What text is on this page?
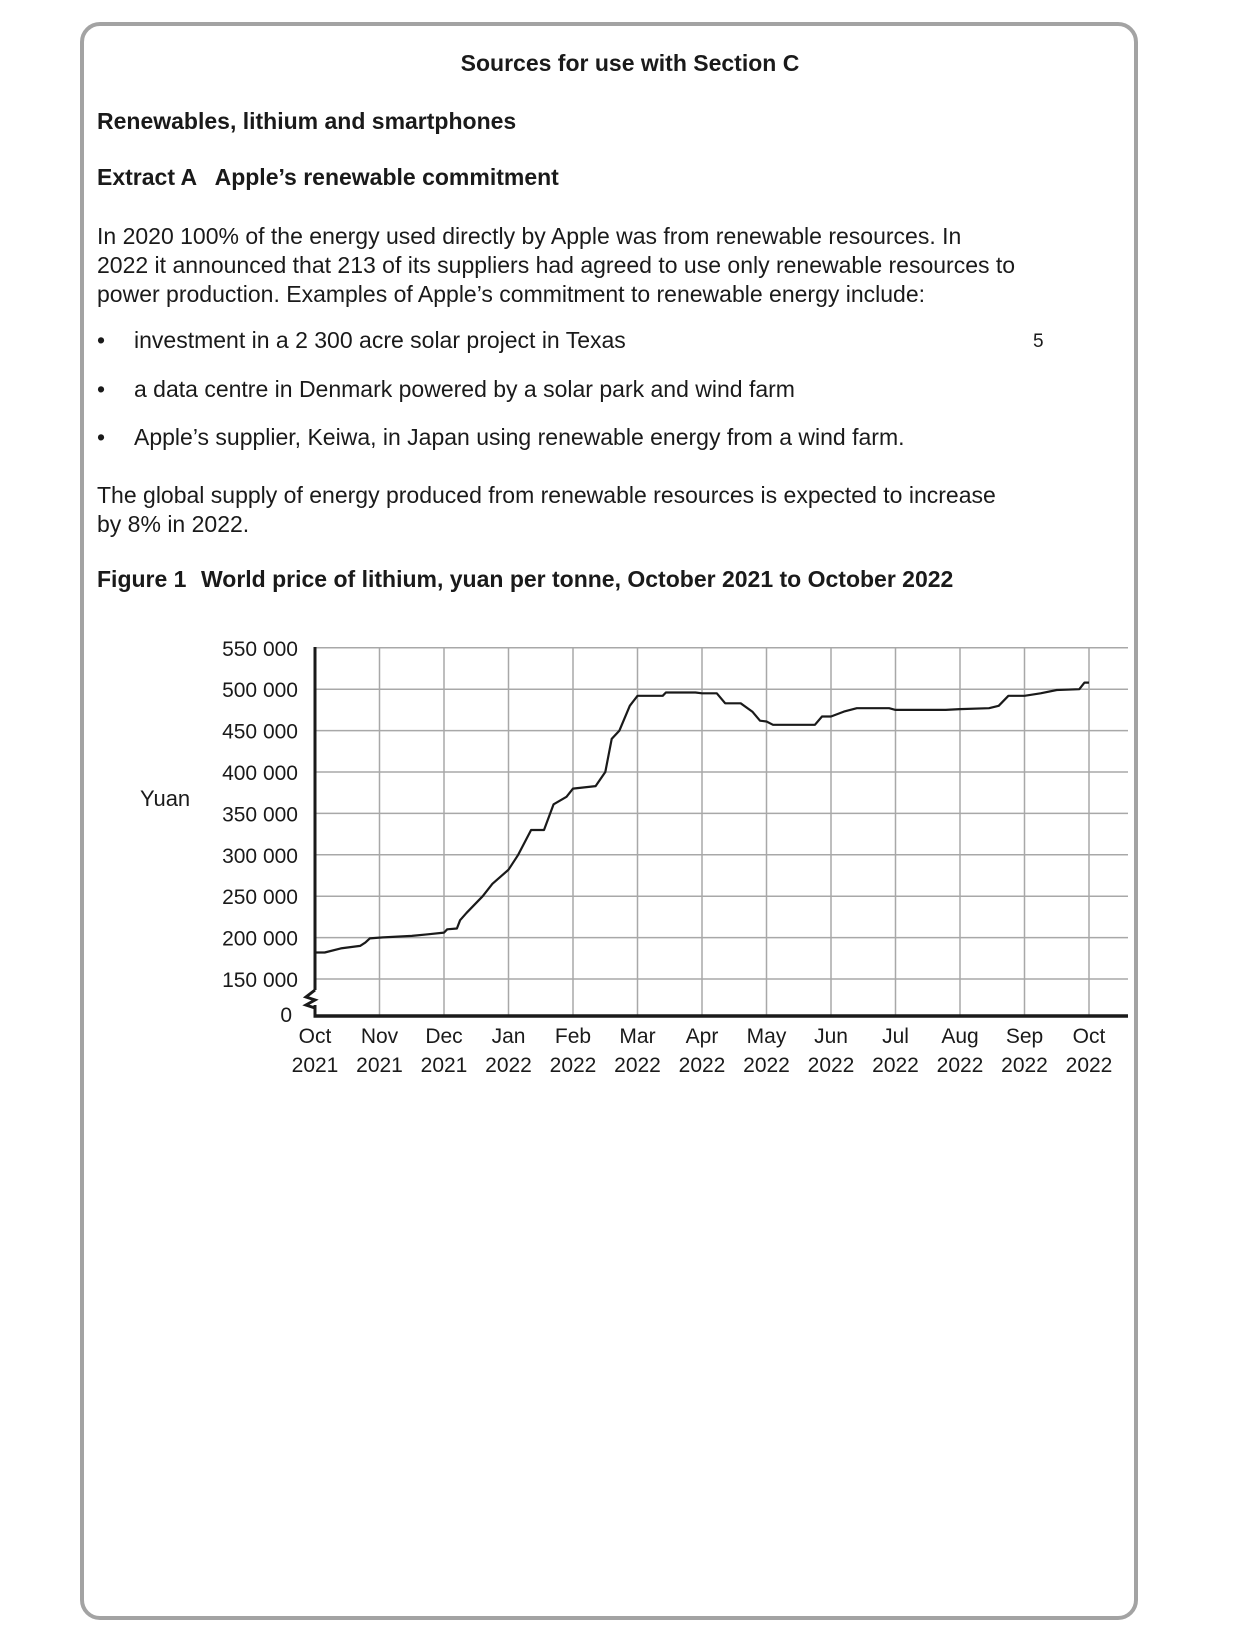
Sources for use with Section C
Renewables, lithium and smartphones
Extract A   Apple’s renewable commitment
In 2020 100% of the energy used directly by Apple was from renewable resources. In 2022 it announced that 213 of its suppliers had agreed to use only renewable resources to power production. Examples of Apple’s commitment to renewable energy include:
•	investment in a 2 300 acre solar project in Texas
•	a data centre in Denmark powered by a solar park and wind farm
•	Apple’s supplier, Keiwa, in Japan using renewable energy from a wind farm.
5
The global supply of energy produced from renewable resources is expected to increase by 8% in 2022.
Figure 1 World price of lithium, yuan per tonne, October 2021 to October 2022
Yuan
0
150 000
200 000
250 000
300 000
350 000
400 000
450 000
500 000
550 000
Oct
2021
Nov
2021
Dec
2021
Jan
2022
Feb
2022
Mar
2022
Apr
2022
May
2022
Jun
2022
Jul
2022
Aug
2022
Sep
2022
Oct
2022
